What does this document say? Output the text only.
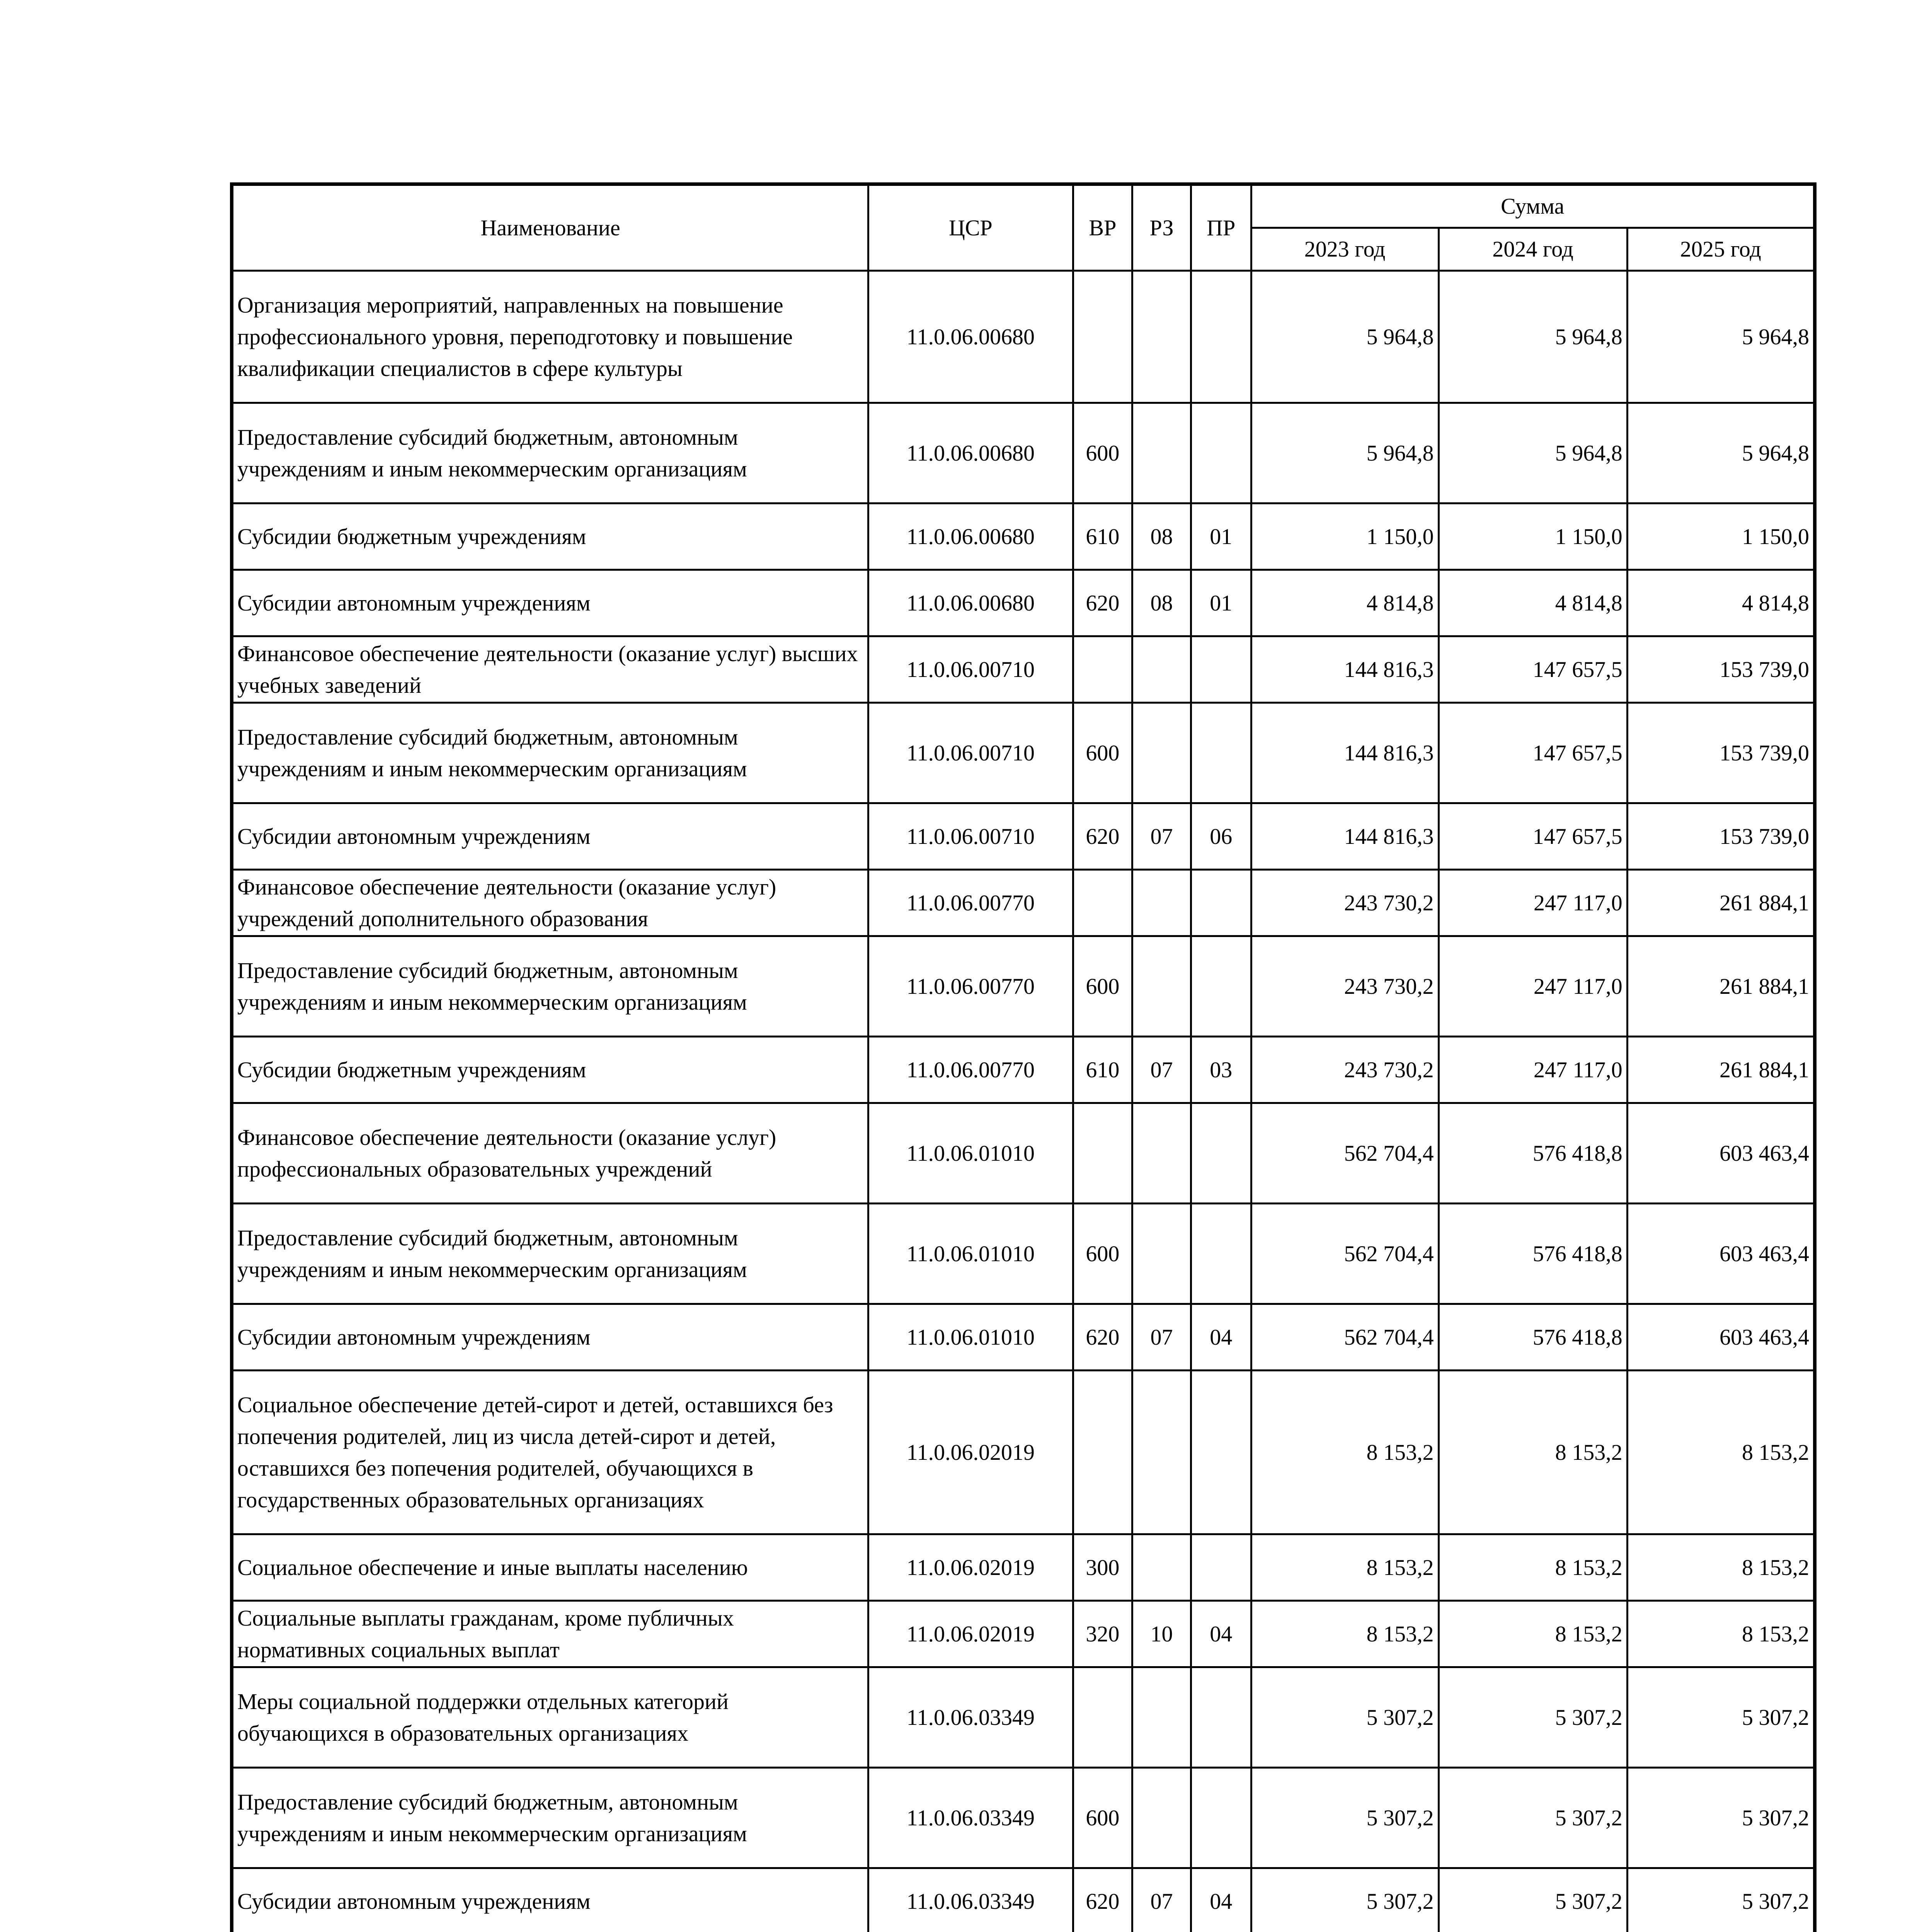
Наименование	ЦСР	ВР	РЗ	ПР	Сумма		
					2023 год	2024 год	2025 год
Организация мероприятий, направленных на повышение профессионального уровня, переподготовку и повышение квалификации специалистов в сфере культуры	11.0.06.00680				5 964,8	5 964,8	5 964,8
Предоставление субсидий бюджетным, автономным учреждениям и иным некоммерческим организациям	11.0.06.00680	600			5 964,8	5 964,8	5 964,8
Субсидии бюджетным учреждениям	11.0.06.00680	610	08	01	1 150,0	1 150,0	1 150,0
Субсидии автономным учреждениям	11.0.06.00680	620	08	01	4 814,8	4 814,8	4 814,8
Финансовое обеспечение деятельности (оказание услуг) высших учебных заведений	11.0.06.00710				144 816,3	147 657,5	153 739,0
Предоставление субсидий бюджетным, автономным учреждениям и иным некоммерческим организациям	11.0.06.00710	600			144 816,3	147 657,5	153 739,0
Субсидии автономным учреждениям	11.0.06.00710	620	07	06	144 816,3	147 657,5	153 739,0
Финансовое обеспечение деятельности (оказание услуг) учреждений дополнительного образования	11.0.06.00770				243 730,2	247 117,0	261 884,1
Предоставление субсидий бюджетным, автономным учреждениям и иным некоммерческим организациям	11.0.06.00770	600			243 730,2	247 117,0	261 884,1
Субсидии бюджетным учреждениям	11.0.06.00770	610	07	03	243 730,2	247 117,0	261 884,1
Финансовое обеспечение деятельности (оказание услуг) профессиональных образовательных учреждений	11.0.06.01010				562 704,4	576 418,8	603 463,4
Предоставление субсидий бюджетным, автономным учреждениям и иным некоммерческим организациям	11.0.06.01010	600			562 704,4	576 418,8	603 463,4
Субсидии автономным учреждениям	11.0.06.01010	620	07	04	562 704,4	576 418,8	603 463,4
Социальное обеспечение детей-сирот и детей, оставшихся без попечения родителей, лиц из числа детей-сирот и детей, оставшихся без попечения родителей, обучающихся в государственных образовательных организациях	11.0.06.02019				8 153,2	8 153,2	8 153,2
Социальное обеспечение и иные выплаты населению	11.0.06.02019	300			8 153,2	8 153,2	8 153,2
Социальные выплаты гражданам, кроме публичных нормативных социальных выплат	11.0.06.02019	320	10	04	8 153,2	8 153,2	8 153,2
Меры социальной поддержки отдельных категорий обучающихся в образовательных организациях	11.0.06.03349				5 307,2	5 307,2	5 307,2
Предоставление субсидий бюджетным, автономным учреждениям и иным некоммерческим организациям	11.0.06.03349	600			5 307,2	5 307,2	5 307,2
Субсидии автономным учреждениям	11.0.06.03349	620	07	04	5 307,2	5 307,2	5 307,2
